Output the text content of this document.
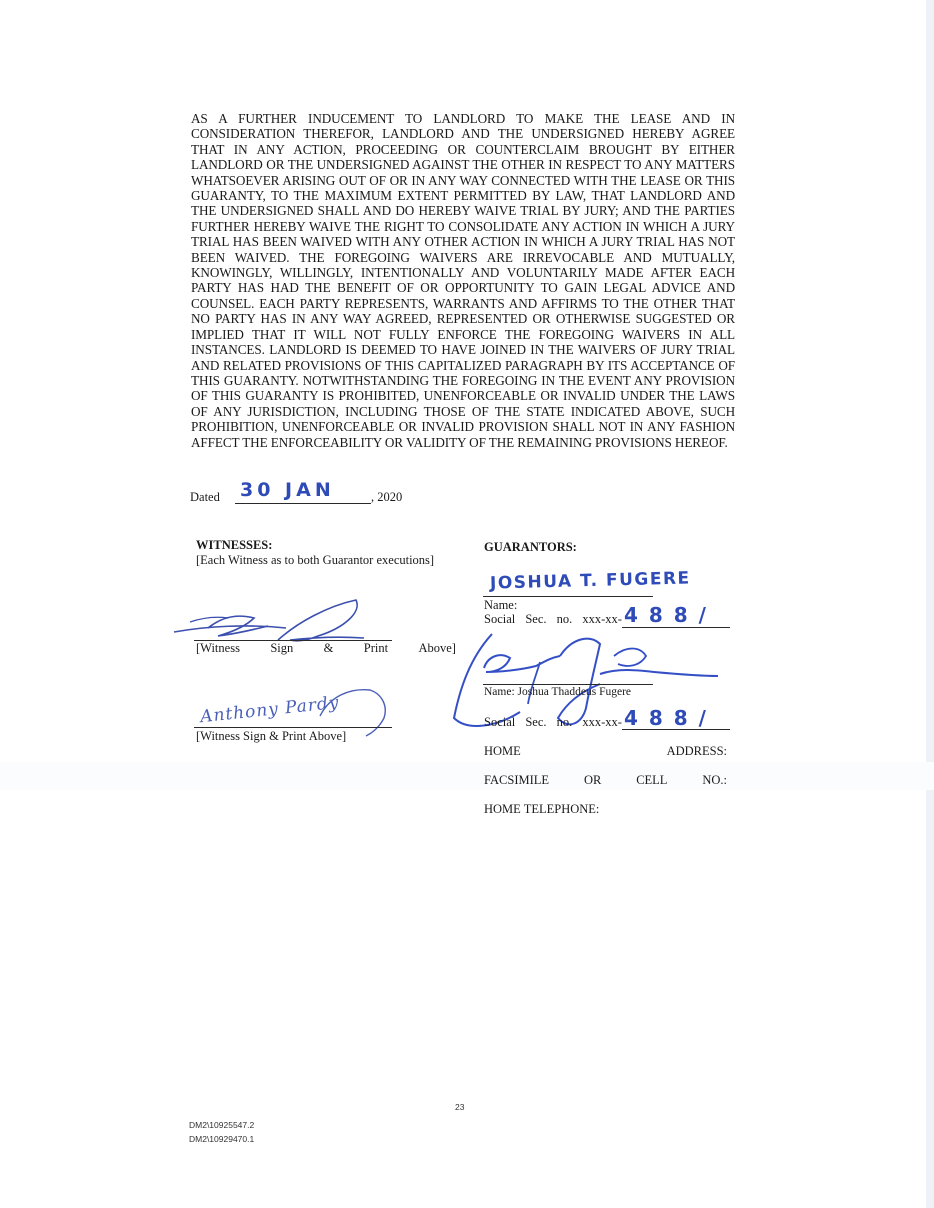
AS A FURTHER INDUCEMENT TO LANDLORD TO MAKE THE LEASE AND IN CONSIDERATION THEREFOR, LANDLORD AND THE UNDERSIGNED HEREBY AGREE THAT IN ANY ACTION, PROCEEDING OR COUNTERCLAIM BROUGHT BY EITHER LANDLORD OR THE UNDERSIGNED AGAINST THE OTHER IN RESPECT TO ANY MATTERS WHATSOEVER ARISING OUT OF OR IN ANY WAY CONNECTED WITH THE LEASE OR THIS GUARANTY, TO THE MAXIMUM EXTENT PERMITTED BY LAW, THAT LANDLORD AND THE UNDERSIGNED SHALL AND DO HEREBY WAIVE TRIAL BY JURY; AND THE PARTIES FURTHER HEREBY WAIVE THE RIGHT TO CONSOLIDATE ANY ACTION IN WHICH A JURY TRIAL HAS BEEN WAIVED WITH ANY OTHER ACTION IN WHICH A JURY TRIAL HAS NOT BEEN WAIVED. THE FOREGOING WAIVERS ARE IRREVOCABLE AND MUTUALLY, KNOWINGLY, WILLINGLY, INTENTIONALLY AND VOLUNTARILY MADE AFTER EACH PARTY HAS HAD THE BENEFIT OF OR OPPORTUNITY TO GAIN LEGAL ADVICE AND COUNSEL. EACH PARTY REPRESENTS, WARRANTS AND AFFIRMS TO THE OTHER THAT NO PARTY HAS IN ANY WAY AGREED, REPRESENTED OR OTHERWISE SUGGESTED OR IMPLIED THAT IT WILL NOT FULLY ENFORCE THE FOREGOING WAIVERS IN ALL INSTANCES. LANDLORD IS DEEMED TO HAVE JOINED IN THE WAIVERS OF JURY TRIAL AND RELATED PROVISIONS OF THIS CAPITALIZED PARAGRAPH BY ITS ACCEPTANCE OF THIS GUARANTY. NOTWITHSTANDING THE FOREGOING IN THE EVENT ANY PROVISION OF THIS GUARANTY IS PROHIBITED, UNENFORCEABLE OR INVALID UNDER THE LAWS OF ANY JURISDICTION, INCLUDING THOSE OF THE STATE INDICATED ABOVE, SUCH PROHIBITION, UNENFORCEABLE OR INVALID PROVISION SHALL NOT IN ANY FASHION AFFECT THE ENFORCEABILITY OR VALIDITY OF THE REMAINING PROVISIONS HEREOF.

Dated 30 JAN	, 2020
WITNESSES:
[Each Witness as to both Guarantor executions]
[Witness Sign & Print Above]
Anthony Pardy
[Witness Sign & Print Above]
GUARANTORS:
JOSHUA T. FUGERE
Name:
Social Sec. no. xxx-xx- 4 8 8 /
Name: Joshua Thaddeus Fugere
Social Sec. no. xxx-xx- 4 8 8 /
HOME	ADDRESS:
FACSIMILE	OR	CELL	NO.:
HOME TELEPHONE:
23
DM2\10925547.2
DM2\10929470.1
